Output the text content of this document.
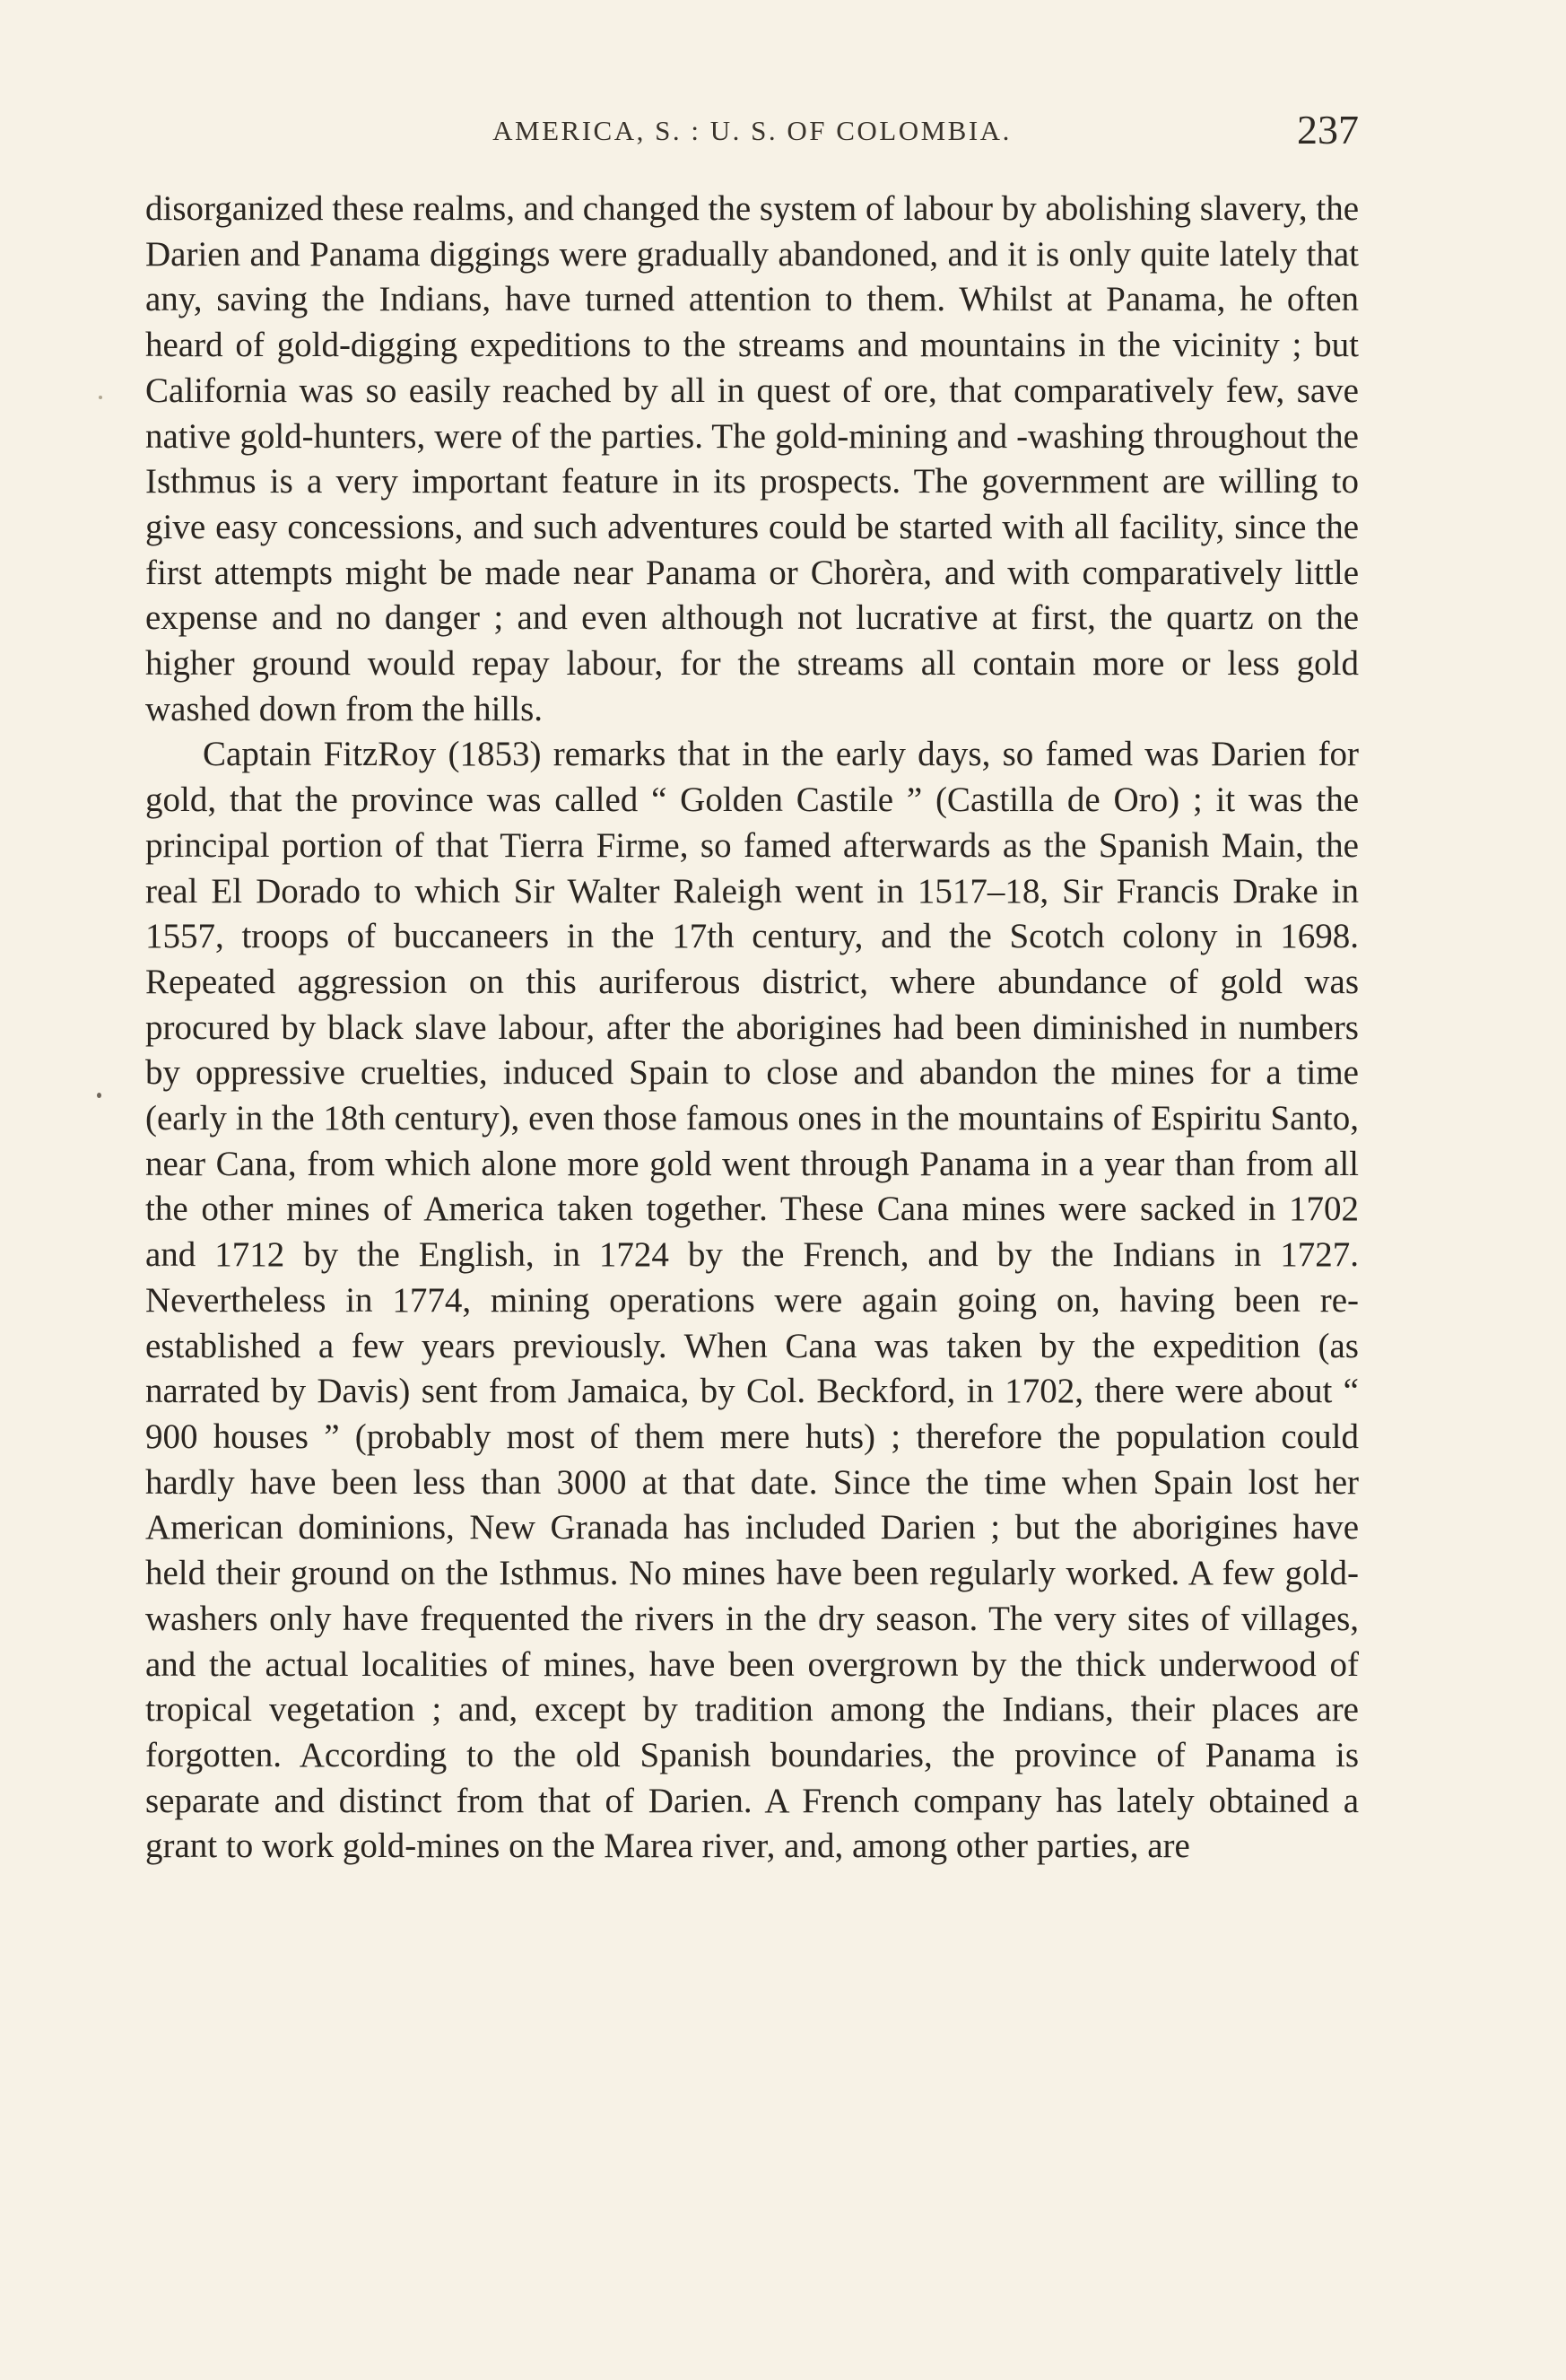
AMERICA, S. : U. S. OF COLOMBIA.	237

disorganized these realms, and changed the system of labour by abolishing slavery, the Darien and Panama diggings were gradually abandoned, and it is only quite lately that any, saving the Indians, have turned attention to them. Whilst at Panama, he often heard of gold-digging expeditions to the streams and mountains in the vicinity ; but California was so easily reached by all in quest of ore, that comparatively few, save native gold-hunters, were of the parties. The gold-mining and -washing throughout the Isthmus is a very important feature in its prospects. The government are willing to give easy concessions, and such adventures could be started with all facility, since the first attempts might be made near Panama or Chorèra, and with comparatively little expense and no danger ; and even although not lucrative at first, the quartz on the higher ground would repay labour, for the streams all contain more or less gold washed down from the hills.

Captain FitzRoy (1853) remarks that in the early days, so famed was Darien for gold, that the province was called “ Golden Castile ” (Castilla de Oro) ; it was the principal portion of that Tierra Firme, so famed afterwards as the Spanish Main, the real El Dorado to which Sir Walter Raleigh went in 1517–18, Sir Francis Drake in 1557, troops of buccaneers in the 17th century, and the Scotch colony in 1698. Repeated aggression on this auriferous district, where abundance of gold was procured by black slave labour, after the aborigines had been diminished in numbers by oppressive cruelties, induced Spain to close and abandon the mines for a time (early in the 18th century), even those famous ones in the mountains of Espiritu Santo, near Cana, from which alone more gold went through Panama in a year than from all the other mines of America taken together. These Cana mines were sacked in 1702 and 1712 by the English, in 1724 by the French, and by the Indians in 1727. Nevertheless in 1774, mining operations were again going on, having been re-established a few years previously. When Cana was taken by the expedition (as narrated by Davis) sent from Jamaica, by Col. Beckford, in 1702, there were about “ 900 houses ” (probably most of them mere huts) ; therefore the population could hardly have been less than 3000 at that date. Since the time when Spain lost her American dominions, New Granada has included Darien ; but the aborigines have held their ground on the Isthmus. No mines have been regularly worked. A few gold-washers only have frequented the rivers in the dry season. The very sites of villages, and the actual localities of mines, have been overgrown by the thick underwood of tropical vegetation ; and, except by tradition among the Indians, their places are forgotten. According to the old Spanish boundaries, the province of Panama is separate and distinct from that of Darien. A French company has lately obtained a grant to work gold-mines on the Marea river, and, among other parties, are
